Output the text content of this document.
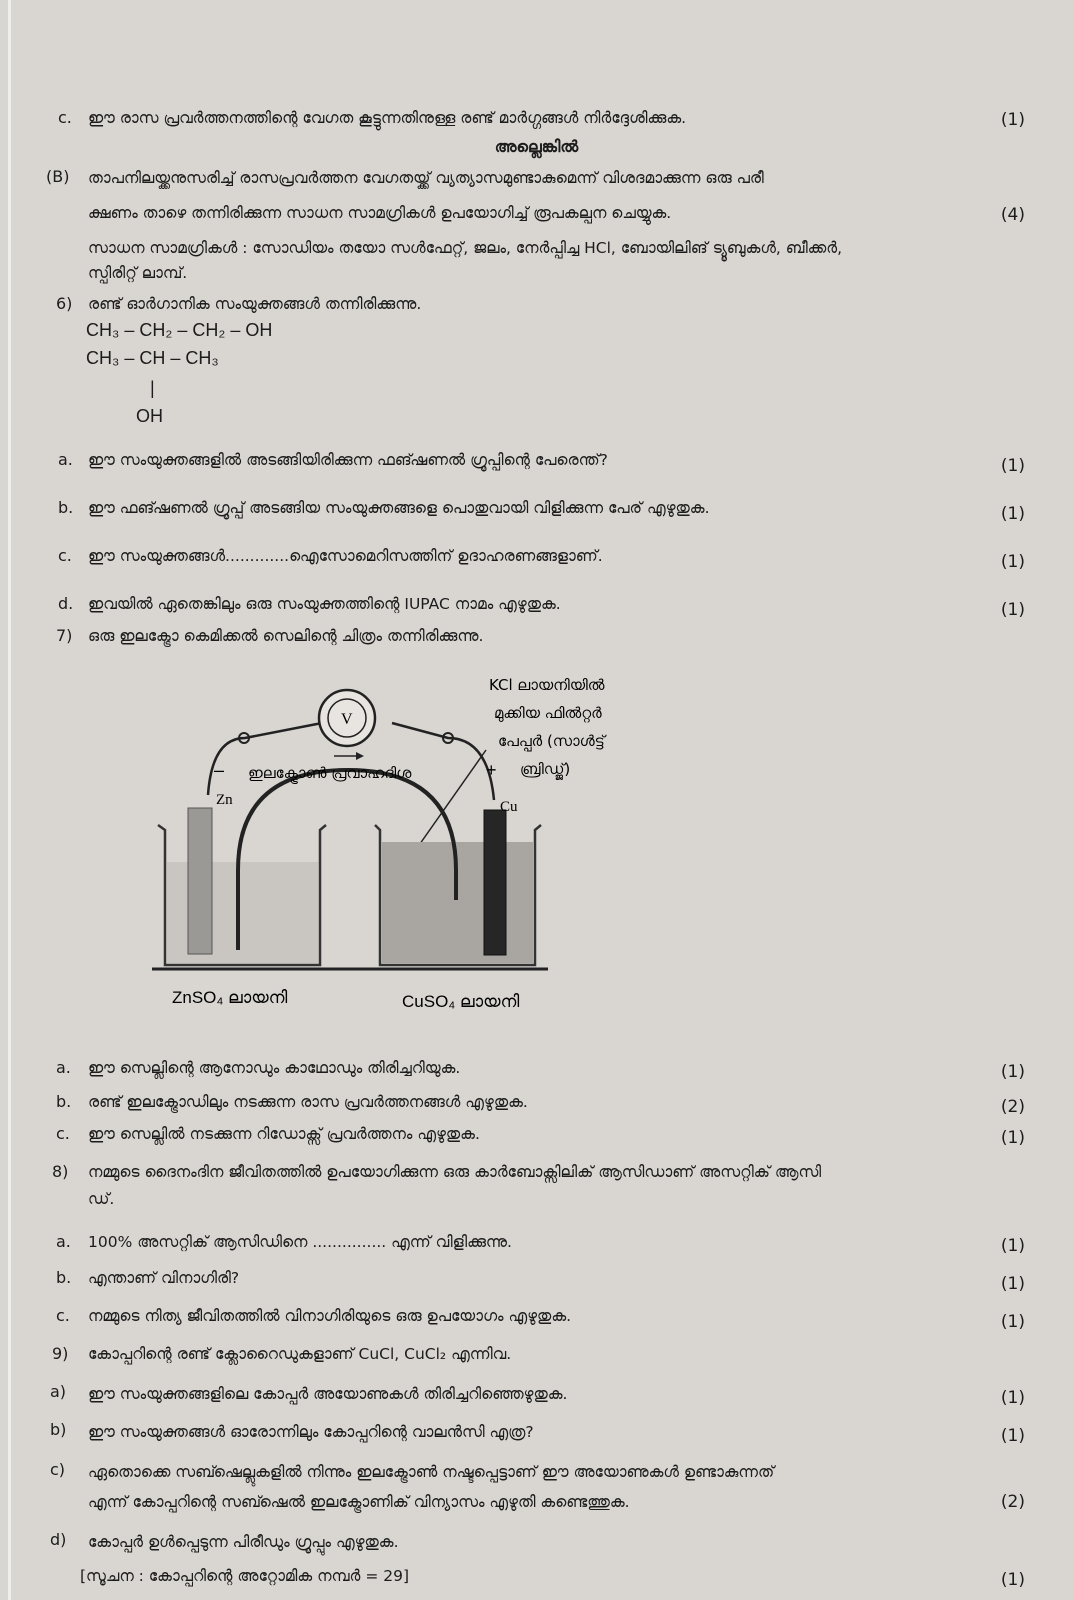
c. ഈ രാസ പ്രവർത്തനത്തിന്റെ വേഗത കൂട്ടുന്നതിനുള്ള രണ്ട് മാർഗ്ഗങ്ങൾ നിർദ്ദേശിക്കുക.	(1)
അല്ലെങ്കിൽ
(B) താപനിലയ്ക്കനുസരിച്ച് രാസപ്രവർത്തന വേഗതയ്ക്ക് വ്യത്യാസമുണ്ടാകുമെന്ന് വിശദമാക്കുന്ന ഒരു പരീ
ക്ഷണം താഴെ തന്നിരിക്കുന്ന സാധന സാമഗ്രികൾ ഉപയോഗിച്ച് രൂപകല്പന ചെയ്യുക.	(4)
സാധന സാമഗ്രികൾ : സോഡിയം തയോ സൾഫേറ്റ്, ജലം, നേർപ്പിച്ച HCl, ബോയിലിങ് ട്യൂബുകൾ, ബീക്കർ,
സ്പിരിറ്റ് ലാമ്പ്.
6) രണ്ട് ഓർഗാനിക സംയുക്തങ്ങൾ തന്നിരിക്കുന്നു.
CH₃ – CH₂ – CH₂ – OH
CH₃ – CH – CH₃
|
OH
a. ഈ സംയുക്തങ്ങളിൽ അടങ്ങിയിരിക്കുന്ന ഫങ്ഷണൽ ഗ്രൂപ്പിന്റെ പേരെന്ത്?	(1)
b. ഈ ഫങ്ഷണൽ ഗ്രൂപ്പ് അടങ്ങിയ സംയുക്തങ്ങളെ പൊതുവായി വിളിക്കുന്ന പേര് എഴുതുക.	(1)
c. ഈ സംയുക്തങ്ങൾ.............ഐസോമെറിസത്തിന് ഉദാഹരണങ്ങളാണ്.	(1)
d. ഇവയിൽ ഏതെങ്കിലും ഒരു സംയുക്തത്തിന്റെ IUPAC നാമം എഴുതുക.	(1)
7) ഒരു ഇലക്ട്രോ കെമിക്കൽ സെലിന്റെ ചിത്രം തന്നിരിക്കുന്നു.
V
–	+
Zn	Cu
ഇലക്ട്രോൺ പ്രവാഹദിശ
KCl ലായനിയിൽ
മുക്കിയ ഫിൽറ്റർ
പേപ്പർ (സാൾട്ട്
ബ്രിഡ്ജ്)
ZnSO₄ ലായനി	CuSO₄ ലായനി
a. ഈ സെല്ലിന്റെ ആനോഡും കാഥോഡും തിരിച്ചറിയുക.	(1)
b. രണ്ട് ഇലക്ട്രോഡിലും നടക്കുന്ന രാസ പ്രവർത്തനങ്ങൾ എഴുതുക.	(2)
c. ഈ സെല്ലിൽ നടക്കുന്ന റിഡോക്സ് പ്രവർത്തനം എഴുതുക.	(1)
8) നമ്മുടെ ദൈനംദിന ജീവിതത്തിൽ ഉപയോഗിക്കുന്ന ഒരു കാർബോക്സിലിക് ആസിഡാണ് അസറ്റിക് ആസി
ഡ്.
a. 100% അസറ്റിക് ആസിഡിനെ ............... എന്ന് വിളിക്കുന്നു.	(1)
b. എന്താണ് വിനാഗിരി?	(1)
c. നമ്മുടെ നിത്യ ജീവിതത്തിൽ വിനാഗിരിയുടെ ഒരു ഉപയോഗം എഴുതുക.	(1)
9) കോപ്പറിന്റെ രണ്ട് ക്ലോറൈഡുകളാണ് CuCl, CuCl₂ എന്നിവ.
a) ഈ സംയുക്തങ്ങളിലെ കോപ്പർ അയോണുകൾ തിരിച്ചറിഞ്ഞെഴുതുക.	(1)
b) ഈ സംയുക്തങ്ങൾ ഓരോന്നിലും കോപ്പറിന്റെ വാലൻസി എത്ര?	(1)
c) ഏതൊക്കെ സബ്ഷെല്ലുകളിൽ നിന്നും ഇലക്ട്രോൺ നഷ്ടപ്പെട്ടാണ് ഈ അയോണുകൾ ഉണ്ടാകുന്നത്
എന്ന് കോപ്പറിന്റെ സബ്ഷെൽ ഇലക്ട്രോണിക് വിന്യാസം എഴുതി കണ്ടെത്തുക.	(2)
d) കോപ്പർ ഉൾപ്പെടുന്ന പിരീഡും ഗ്രൂപ്പും എഴുതുക.
[സൂചന : കോപ്പറിന്റെ അറ്റോമിക നമ്പർ = 29]	(1)
